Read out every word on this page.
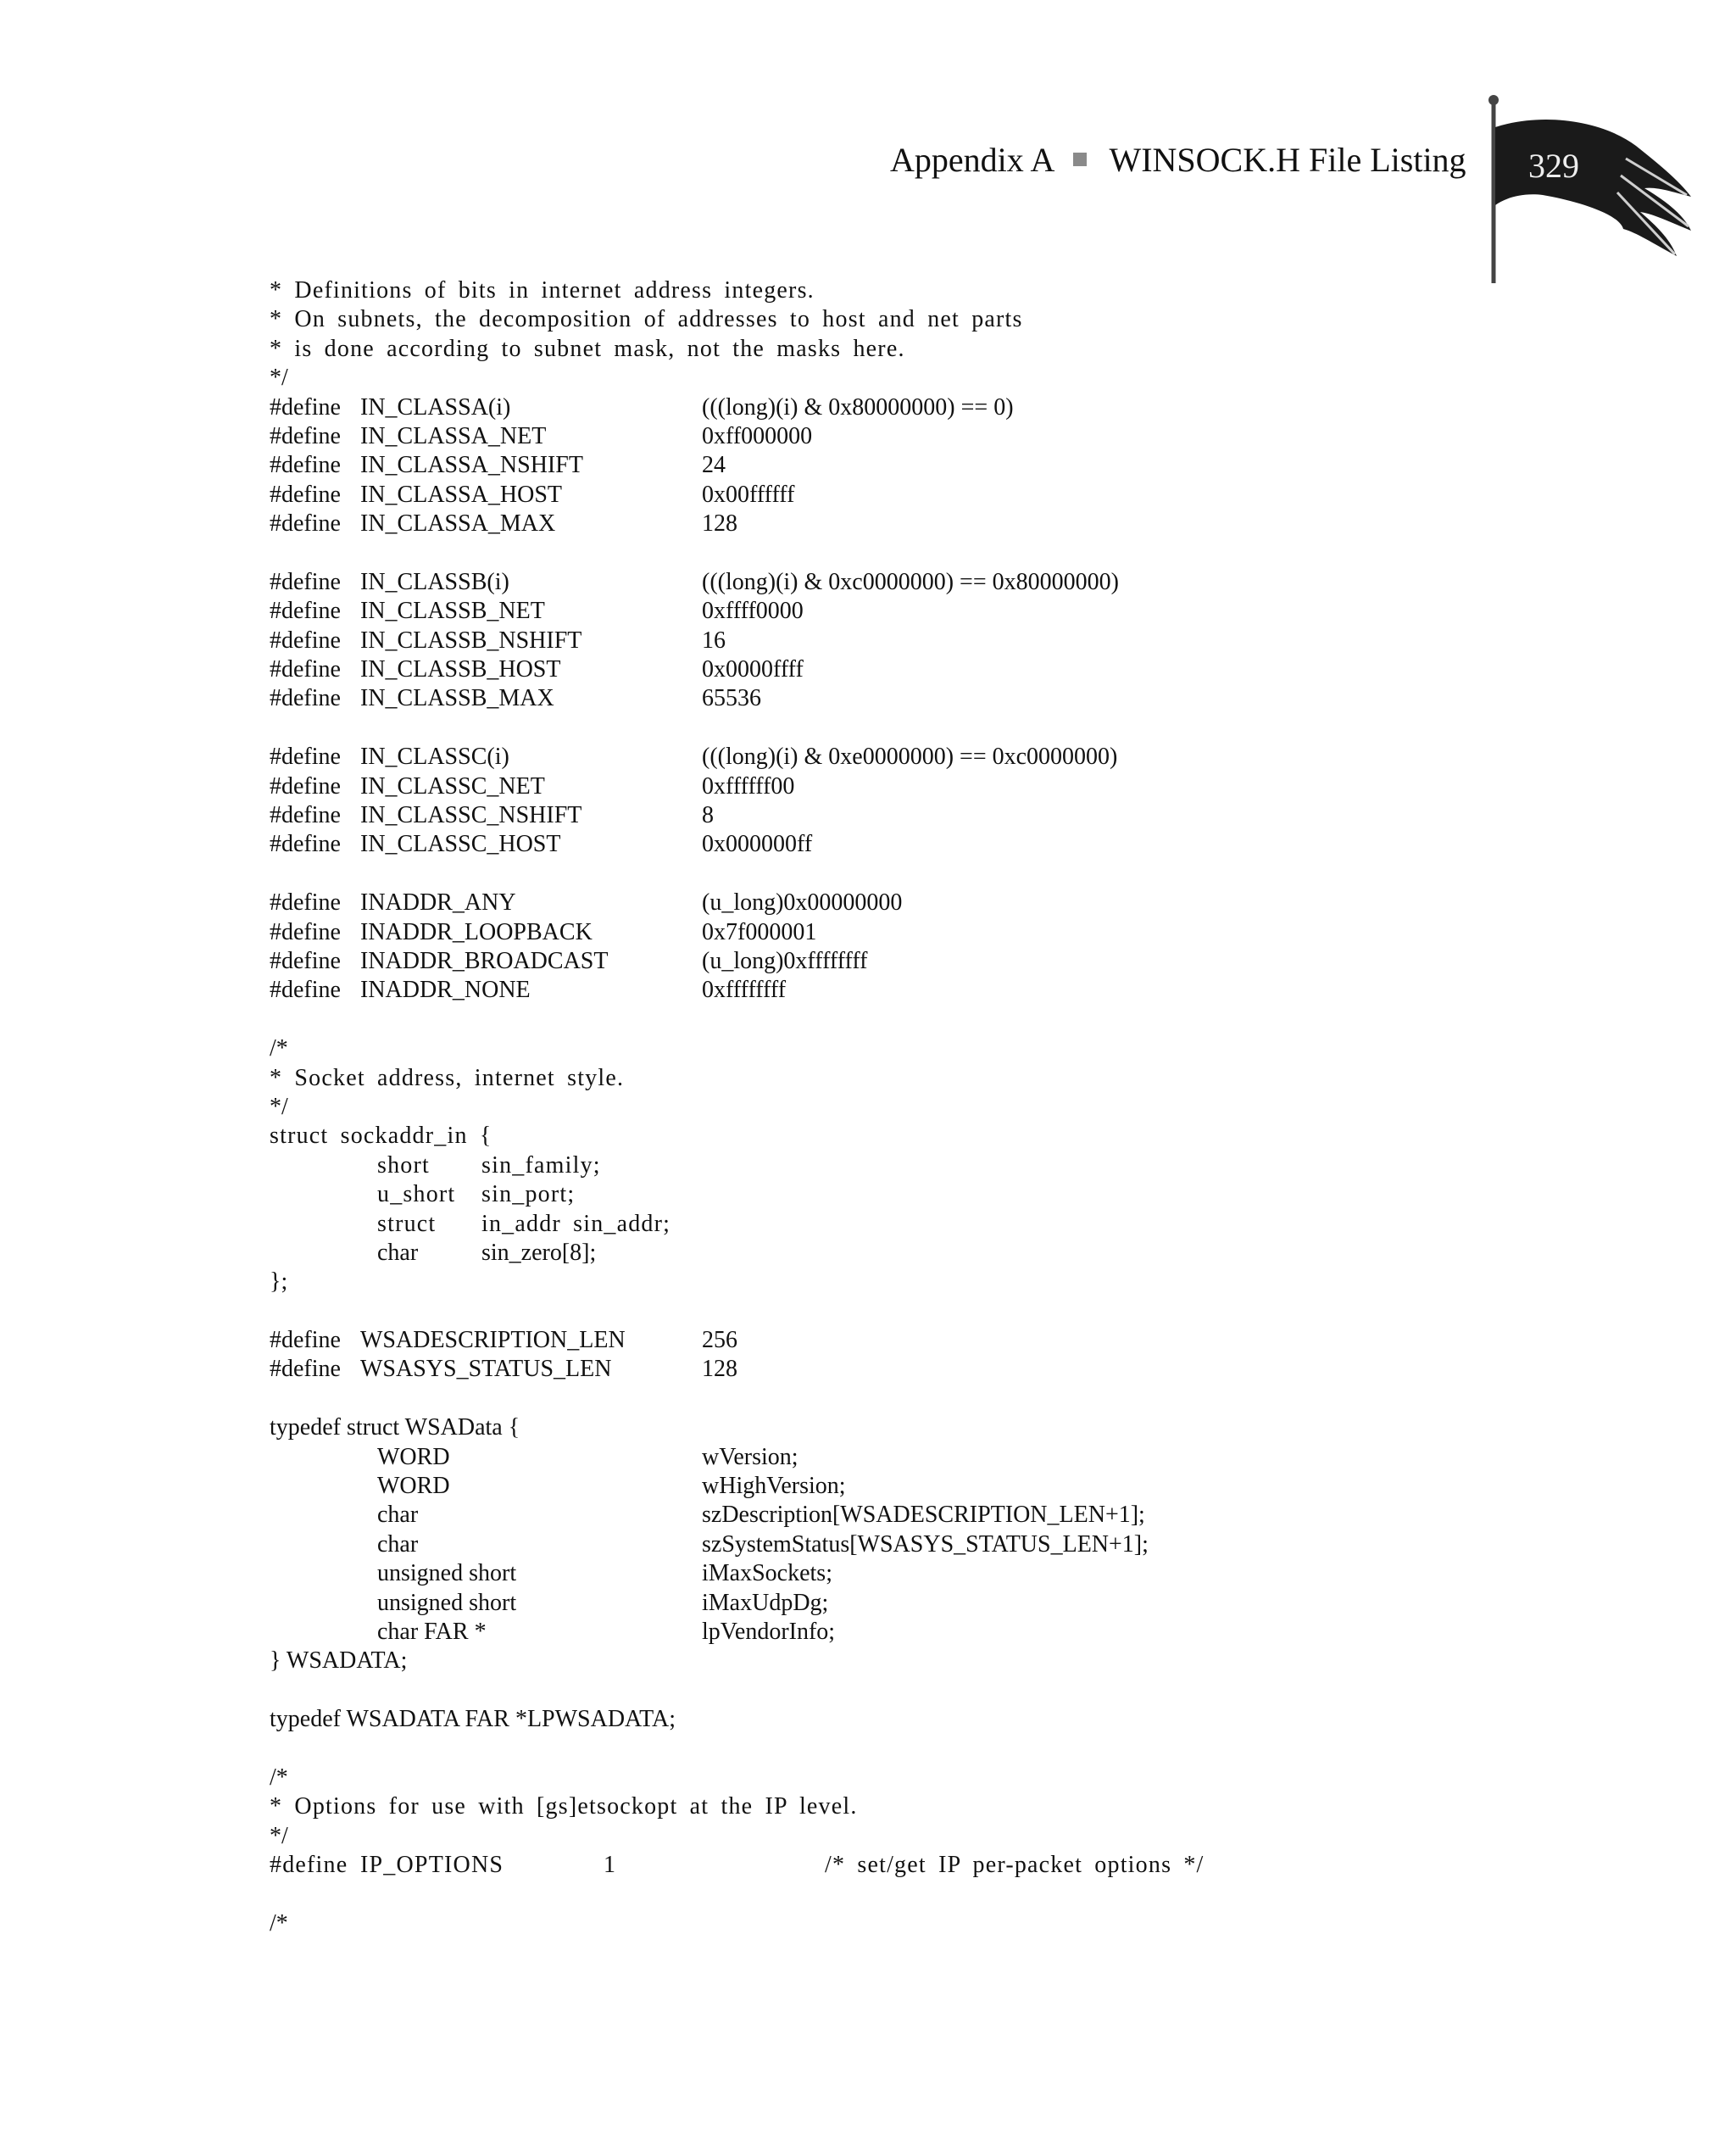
Appendix A WINSOCK.H File Listing	329
* Definitions of bits in internet address integers.
* On subnets, the decomposition of addresses to host and net parts
* is done according to subnet mask, not the masks here.
*/
#define IN_CLASSA(i)	(((long)(i) & 0x80000000) == 0)
#define IN_CLASSA_NET	0xff000000
#define IN_CLASSA_NSHIFT	24
#define IN_CLASSA_HOST	0x00ffffff
#define IN_CLASSA_MAX	128
#define IN_CLASSB(i)	(((long)(i) & 0xc0000000) == 0x80000000)
#define IN_CLASSB_NET	0xffff0000
#define IN_CLASSB_NSHIFT	16
#define IN_CLASSB_HOST	0x0000ffff
#define IN_CLASSB_MAX	65536
#define IN_CLASSC(i)	(((long)(i) & 0xe0000000) == 0xc0000000)
#define IN_CLASSC_NET	0xffffff00
#define IN_CLASSC_NSHIFT	8
#define IN_CLASSC_HOST	0x000000ff
#define INADDR_ANY	(u_long)0x00000000
#define INADDR_LOOPBACK	0x7f000001
#define INADDR_BROADCAST	(u_long)0xffffffff
#define INADDR_NONE	0xffffffff
/*
* Socket address, internet style.
*/
struct sockaddr_in {
short sin_family;
u_short sin_port;
struct in_addr sin_addr;
char	sin_zero[8];
};
#define WSADESCRIPTION_LEN	256
#define WSASYS_STATUS_LEN	128
typedef struct WSAData {
WORD	wVersion;
WORD	wHighVersion;
char	szDescription[WSADESCRIPTION_LEN+1];
char	szSystemStatus[WSASYS_STATUS_LEN+1];
unsigned short	iMaxSockets;
unsigned short	iMaxUdpDg;
char FAR *	lpVendorInfo;
} WSADATA;
typedef WSADATA FAR *LPWSADATA;
/*
* Options for use with [gs]etsockopt at the IP level.
*/
#define IP_OPTIONS	1	/* set/get IP per-packet options */
/*
